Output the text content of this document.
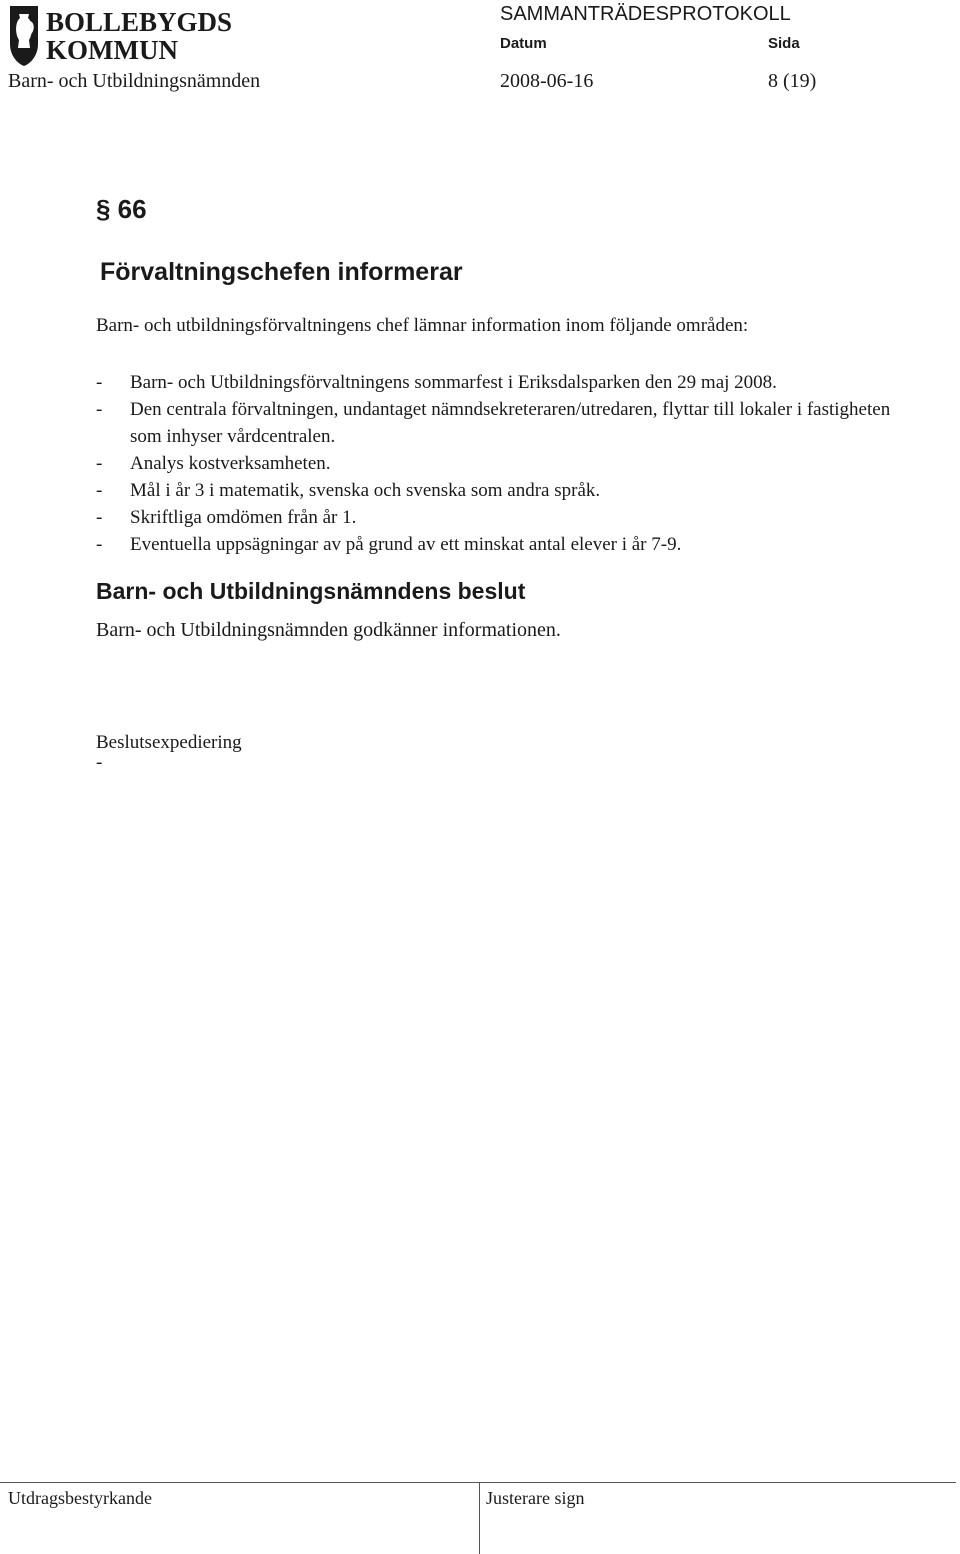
BOLLEBYGDS
KOMMUN
SAMMANTRÄDESPROTOKOLL
Datum	Sida
Barn- och Utbildningsnämnden	2008-06-16	8 (19)
§ 66
Förvaltningschefen informerar
Barn- och utbildningsförvaltningens chef lämnar information inom följande områden:
- Barn- och Utbildningsförvaltningens sommarfest i Eriksdalsparken den 29 maj 2008.
- Den centrala förvaltningen, undantaget nämndsekreteraren/utredaren, flyttar till lokaler i fastigheten som inhyser vårdcentralen.
- Analys kostverksamheten.
- Mål i år 3 i matematik, svenska och svenska som andra språk.
- Skriftliga omdömen från år 1.
- Eventuella uppsägningar av på grund av ett minskat antal elever i år 7-9.
Barn- och Utbildningsnämndens beslut
Barn- och Utbildningsnämnden godkänner informationen.
Beslutsexpediering
-
Utdragsbestyrkande	Justerare sign
